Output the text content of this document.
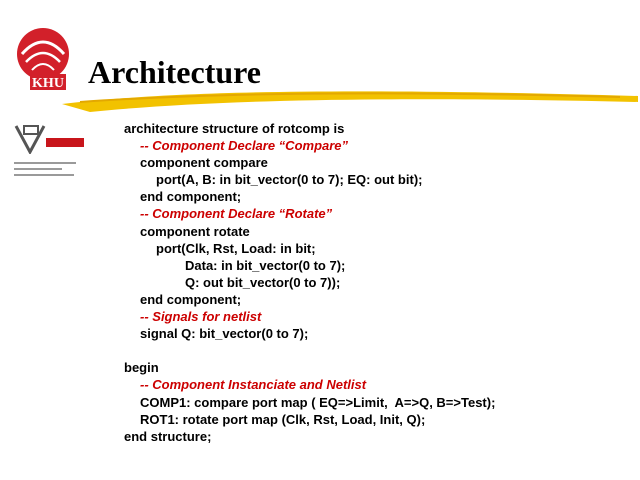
KHU Architecture
architecture structure of rotcomp is
-- Component Declare “Compare”
component compare
port(A, B: in bit_vector(0 to 7); EQ: out bit);
end component;
-- Component Declare “Rotate”
component rotate
port(Clk, Rst, Load: in bit;
Data: in bit_vector(0 to 7);
Q: out bit_vector(0 to 7));
end component;
-- Signals for netlist
signal Q: bit_vector(0 to 7);
begin
-- Component Instanciate and Netlist
COMP1: compare port map ( EQ=>Limit,  A=>Q, B=>Test);
ROT1: rotate port map (Clk, Rst, Load, Init, Q);
end structure;
